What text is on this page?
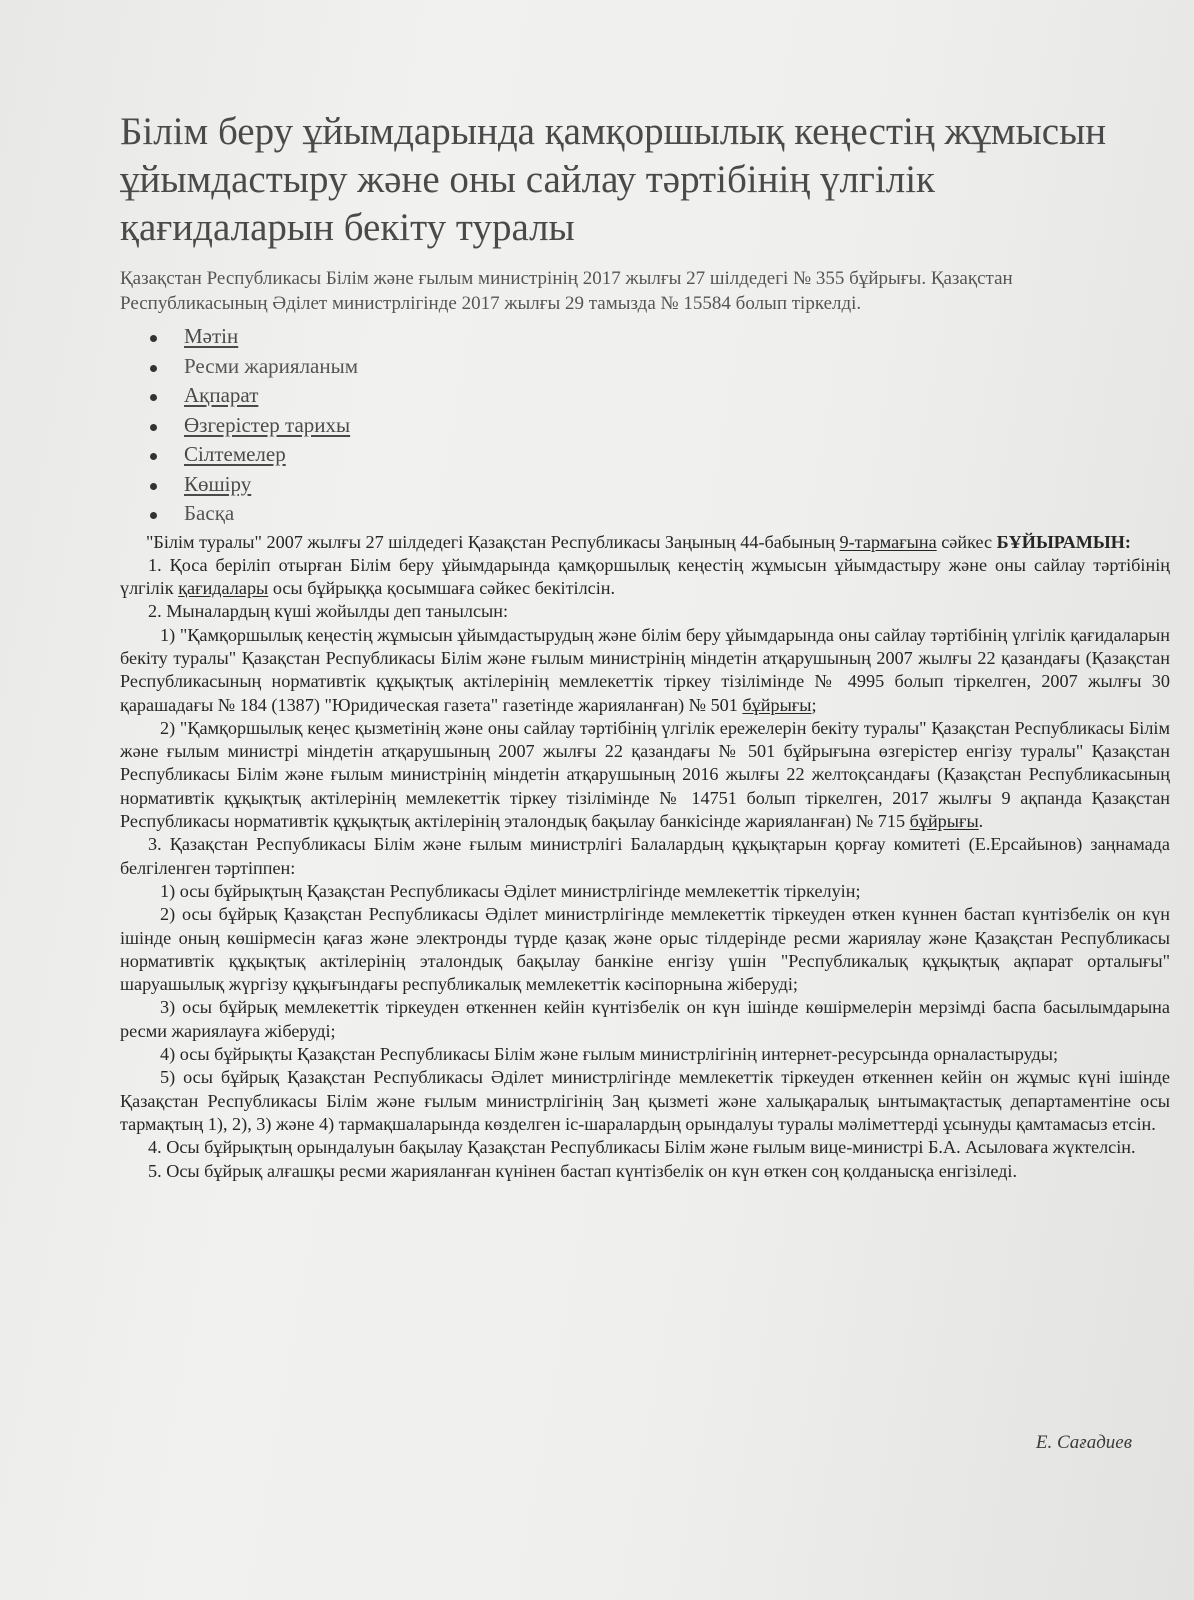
Білім беру ұйымдарында қамқоршылық кеңестің жұмысын ұйымдастыру және оны сайлау тәртібінің үлгілік қағидаларын бекіту туралы

Қазақстан Республикасы Білім және ғылым министрінің 2017 жылғы 27 шілдедегі № 355 бұйрығы. Қазақстан Республикасының Әділет министрлігінде 2017 жылғы 29 тамызда № 15584 болып тіркелді.

Мәтін
Ресми жарияланым
Ақпарат
Өзгерістер тарихы
Сілтемелер
Көшіру
Басқа

"Білім туралы" 2007 жылғы 27 шілдедегі Қазақстан Республикасы Заңының 44-бабының 9-тармағына сәйкес БҰЙЫРАМЫН:

1. Қоса беріліп отырған Білім беру ұйымдарында қамқоршылық кеңестің жұмысын ұйымдастыру және оны сайлау тәртібінің үлгілік қағидалары осы бұйрыққа қосымшаға сәйкес бекітілсін.

2. Мыналардың күші жойылды деп танылсын:

1) "Қамқоршылық кеңестің жұмысын ұйымдастырудың және білім беру ұйымдарында оны сайлау тәртібінің үлгілік қағидаларын бекіту туралы" Қазақстан Республикасы Білім және ғылым министрінің міндетін атқарушының 2007 жылғы 22 қазандағы (Қазақстан Республикасының нормативтік құқықтық актілерінің мемлекеттік тіркеу тізілімінде № 4995 болып тіркелген, 2007 жылғы 30 қарашадағы № 184 (1387) "Юридическая газета" газетінде жарияланған) № 501 бұйрығы;

2) "Қамқоршылық кеңес қызметінің және оны сайлау тәртібінің үлгілік ережелерін бекіту туралы" Қазақстан Республикасы Білім және ғылым министрі міндетін атқарушының 2007 жылғы 22 қазандағы № 501 бұйрығына өзгерістер енгізу туралы" Қазақстан Республикасы Білім және ғылым министрінің міндетін атқарушының 2016 жылғы 22 желтоқсандағы (Қазақстан Республикасының нормативтік құқықтық актілерінің мемлекеттік тіркеу тізілімінде № 14751 болып тіркелген, 2017 жылғы 9 ақпанда Қазақстан Республикасы нормативтік құқықтық актілерінің эталондық бақылау банкісінде жарияланған) № 715 бұйрығы.

3. Қазақстан Республикасы Білім және ғылым министрлігі Балалардың құқықтарын қорғау комитеті (Е.Ерсайынов) заңнамада белгіленген тәртіппен:

1) осы бұйрықтың Қазақстан Республикасы Әділет министрлігінде мемлекеттік тіркелуін;

2) осы бұйрық Қазақстан Республикасы Әділет министрлігінде мемлекеттік тіркеуден өткен күннен бастап күнтізбелік он күн ішінде оның көшірмесін қағаз және электронды түрде қазақ және орыс тілдерінде ресми жариялау және Қазақстан Республикасы нормативтік құқықтық актілерінің эталондық бақылау банкіне енгізу үшін "Республикалық құқықтық ақпарат орталығы" шаруашылық жүргізу құқығындағы республикалық мемлекеттік кәсіпорнына жіберуді;

3) осы бұйрық мемлекеттік тіркеуден өткеннен кейін күнтізбелік он күн ішінде көшірмелерін мерзімді баспа басылымдарына ресми жариялауға жіберуді;

4) осы бұйрықты Қазақстан Республикасы Білім және ғылым министрлігінің интернет-ресурсында орналастыруды;

5) осы бұйрық Қазақстан Республикасы Әділет министрлігінде мемлекеттік тіркеуден өткеннен кейін он жұмыс күні ішінде Қазақстан Республикасы Білім және ғылым министрлігінің Заң қызметі және халықаралық ынтымақтастық департаментіне осы тармақтың 1), 2), 3) және 4) тармақшаларында көзделген іс-шаралардың орындалуы туралы мәліметтерді ұсынуды қамтамасыз етсін.

4. Осы бұйрықтың орындалуын бақылау Қазақстан Республикасы Білім және ғылым вице-министрі Б.А. Асыловаға жүктелсін.

5. Осы бұйрық алғашқы ресми жарияланған күнінен бастап күнтізбелік он күн өткен соң қолданысқа енгізіледі.

Е. Сағадиев
